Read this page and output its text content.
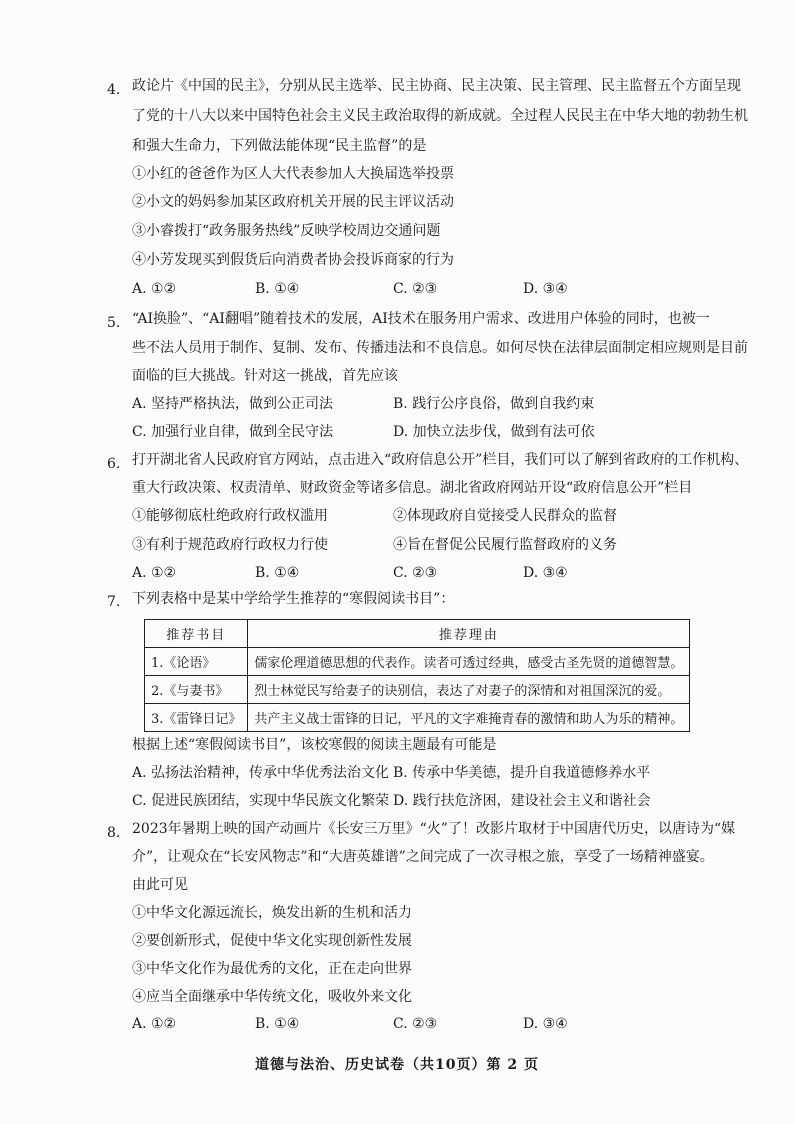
4. 政论片《中国的民主》，分别从民主选举、民主协商、民主决策、民主管理、民主监督五个方面呈现
了党的十八大以来中国特色社会主义民主政治取得的新成就。全过程人民民主在中华大地的勃勃生机
和强大生命力，下列做法能体现“民主监督”的是
①小红的爸爸作为区人大代表参加人大换届选举投票
②小文的妈妈参加某区政府机关开展的民主评议活动
③小睿拨打“政务服务热线”反映学校周边交通问题
④小芳发现买到假货后向消费者协会投诉商家的行为
A. ①②	B. ①④	C. ②③	D. ③④
5. “AI换脸”、“AI翻唱”随着技术的发展，AI技术在服务用户需求、改进用户体验的同时，也被一
些不法人员用于制作、复制、发布、传播违法和不良信息。如何尽快在法律层面制定相应规则是目前
面临的巨大挑战。针对这一挑战，首先应该
A. 坚持严格执法，做到公正司法	B. 践行公序良俗，做到自我约束
C. 加强行业自律，做到全民守法	D. 加快立法步伐，做到有法可依
6. 打开湖北省人民政府官方网站，点击进入“政府信息公开”栏目，我们可以了解到省政府的工作机构、
重大行政决策、权责清单、财政资金等诸多信息。湖北省政府网站开设“政府信息公开”栏目
①能够彻底杜绝政府行政权滥用	②体现政府自觉接受人民群众的监督
③有利于规范政府行政权力行使	④旨在督促公民履行监督政府的义务
A. ①②	B. ①④	C. ②③	D. ③④
7. 下列表格中是某中学给学生推荐的“寒假阅读书目”：
推荐书目	推荐理由
1.《论语》	儒家伦理道德思想的代表作。读者可透过经典，感受古圣先贤的道德智慧。
2.《与妻书》	烈士林觉民写给妻子的诀别信，表达了对妻子的深情和对祖国深沉的爱。
3.《雷锋日记》	共产主义战士雷锋的日记，平凡的文字难掩青春的激情和助人为乐的精神。
根据上述“寒假阅读书目”，该校寒假的阅读主题最有可能是
A. 弘扬法治精神，传承中华优秀法治文化 B. 传承中华美德，提升自我道德修养水平
C. 促进民族团结，实现中华民族文化繁荣 D. 践行扶危济困，建设社会主义和谐社会
8. 2023年暑期上映的国产动画片《长安三万里》“火”了！改影片取材于中国唐代历史，以唐诗为“媒
介”，让观众在“长安风物志”和“大唐英雄谱”之间完成了一次寻根之旅，享受了一场精神盛宴。
由此可见
①中华文化源远流长，焕发出新的生机和活力
②要创新形式，促使中华文化实现创新性发展
③中华文化作为最优秀的文化，正在走向世界
④应当全面继承中华传统文化，吸收外来文化
A. ①②	B. ①④	C. ②③	D. ③④
道德与法治、历史试卷（共10页）第 2 页
